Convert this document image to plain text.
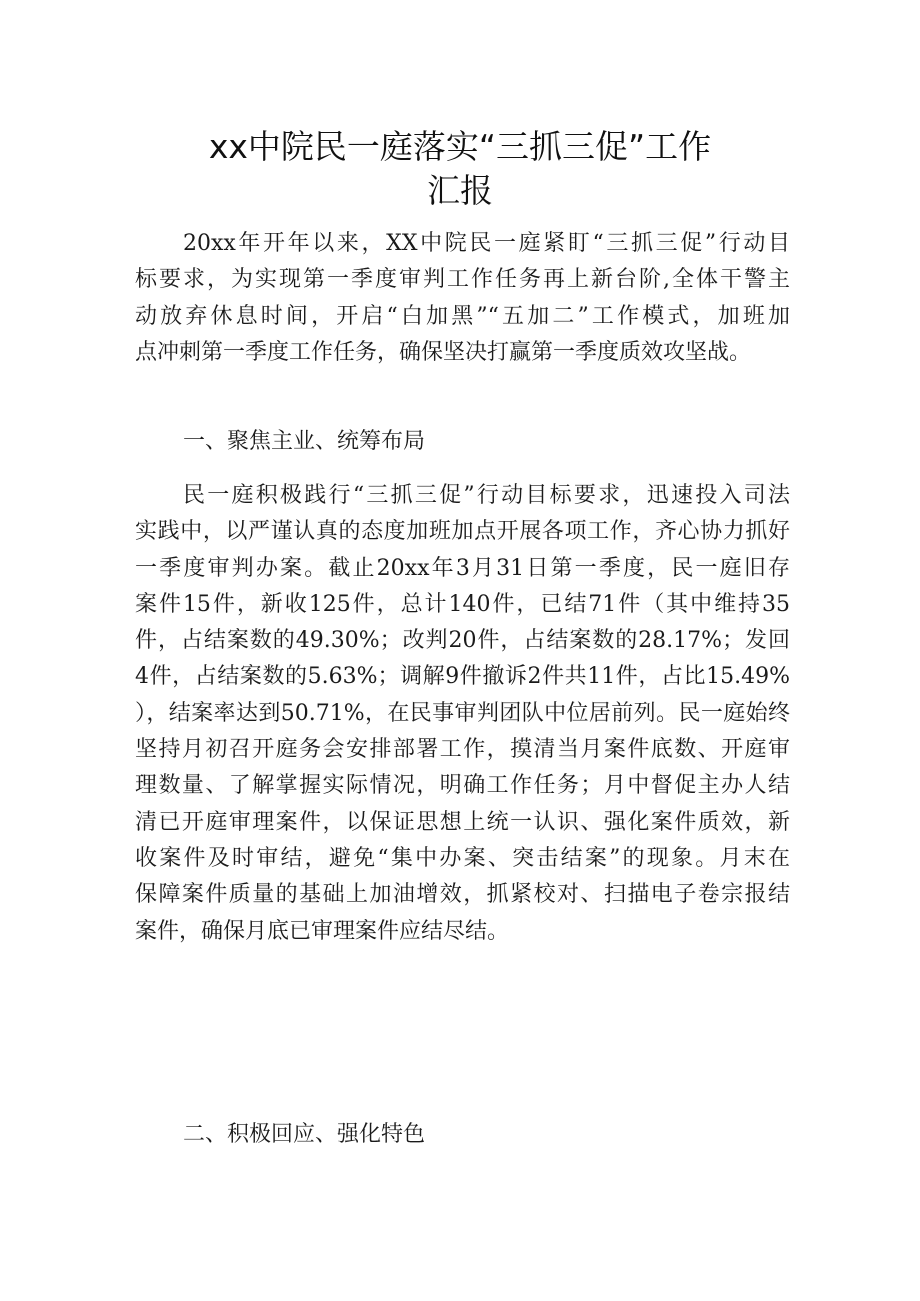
xx中院民一庭落实“三抓三促”工作
汇报
20xx年开年以来，XX中院民一庭紧盯“三抓三促”行动目
标要求，为实现第一季度审判工作任务再上新台阶,全体干警主
动放弃休息时间，开启“白加黑”“五加二”工作模式，加班加
点冲刺第一季度工作任务，确保坚决打赢第一季度质效攻坚战。
一、聚焦主业、统筹布局
民一庭积极践行“三抓三促”行动目标要求，迅速投入司法
实践中，以严谨认真的态度加班加点开展各项工作，齐心协力抓好
一季度审判办案。截止20xx年3月31日第一季度，民一庭旧存
案件15件，新收125件，总计140件，已结71件（其中维持35
件，占结案数的49.30%；改判20件，占结案数的28.17%；发回
4件，占结案数的5.63%；调解9件撤诉2件共11件，占比15.49%
），结案率达到50.71%，在民事审判团队中位居前列。民一庭始终
坚持月初召开庭务会安排部署工作，摸清当月案件底数、开庭审
理数量、了解掌握实际情况，明确工作任务；月中督促主办人结
清已开庭审理案件，以保证思想上统一认识、强化案件质效，新
收案件及时审结，避免“集中办案、突击结案”的现象。月末在
保障案件质量的基础上加油增效，抓紧校对、扫描电子卷宗报结
案件，确保月底已审理案件应结尽结。
二、积极回应、强化特色
